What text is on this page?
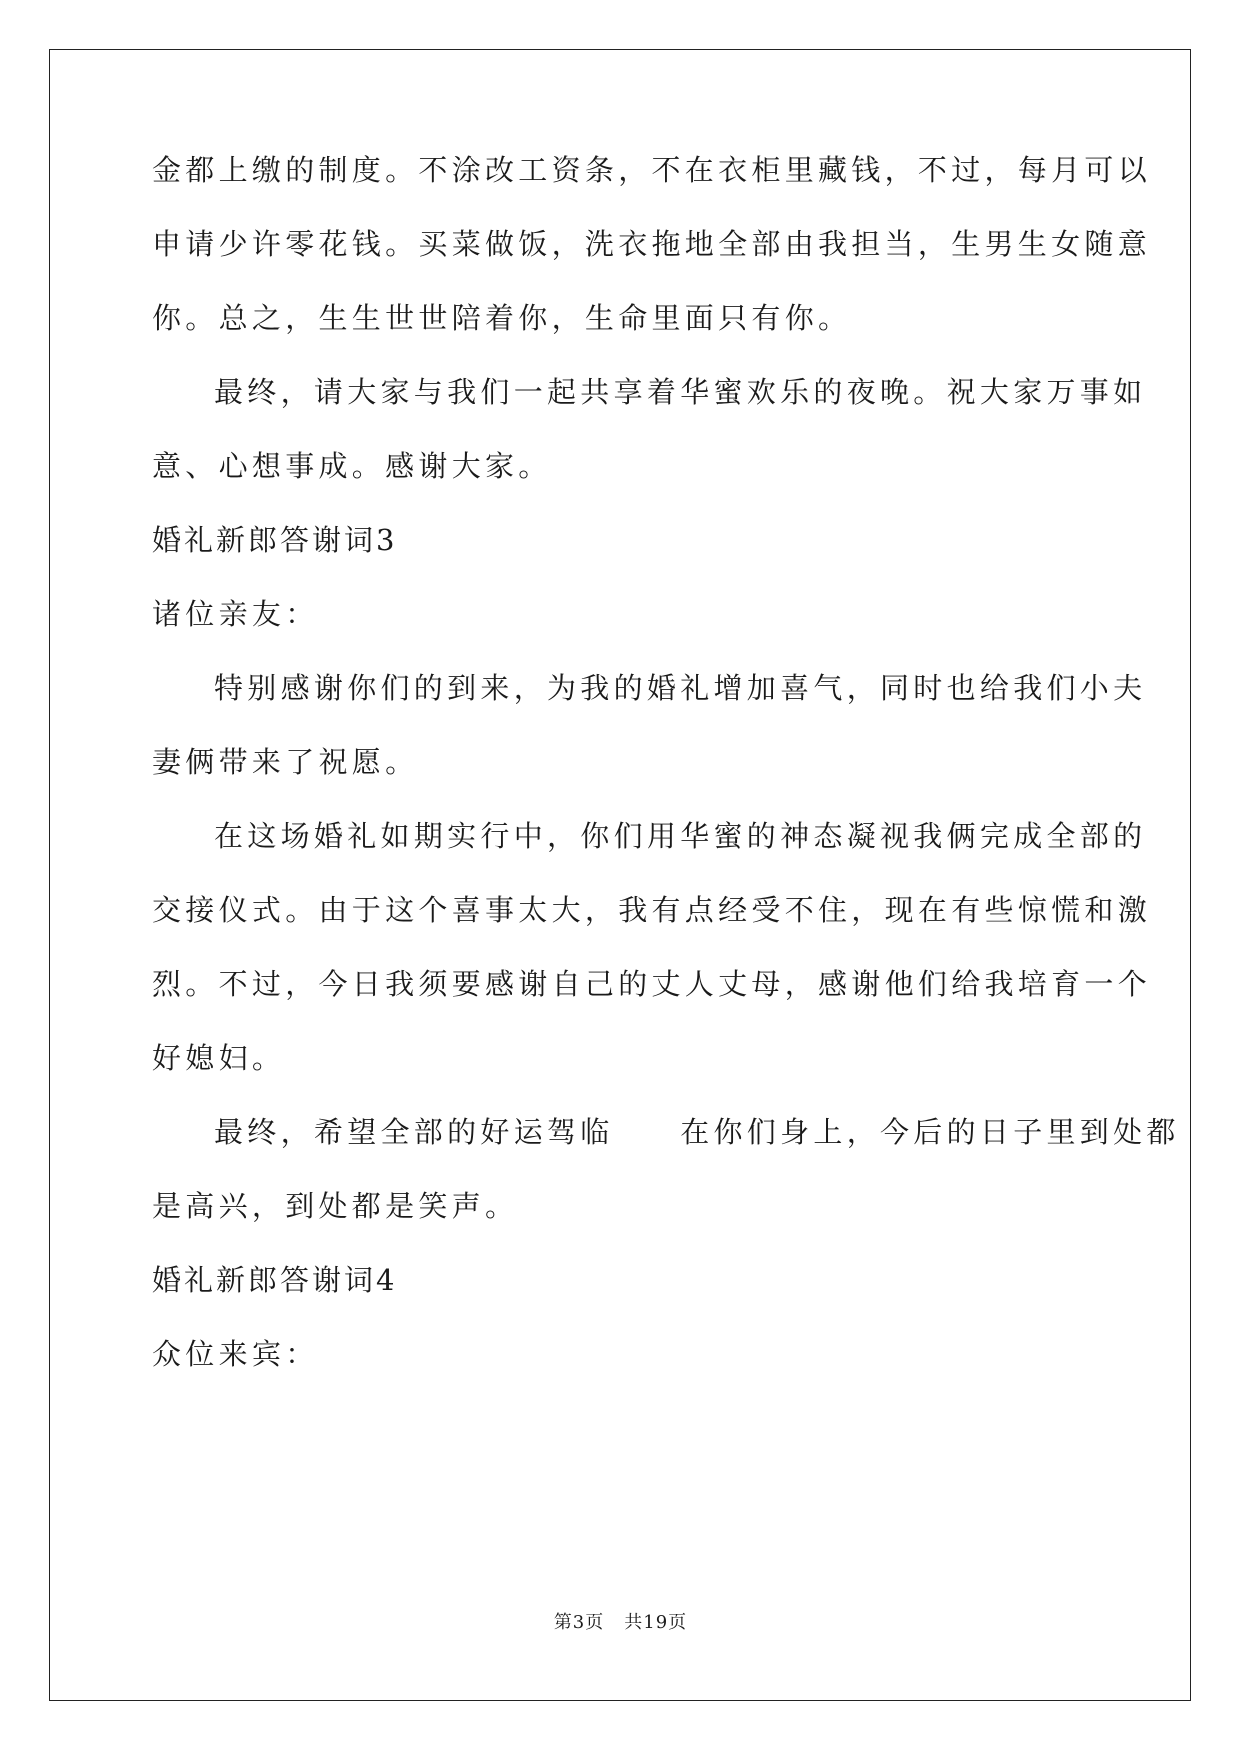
金都上缴的制度。不涂改工资条，不在衣柜里藏钱，不过，每月可以
申请少许零花钱。买菜做饭，洗衣拖地全部由我担当，生男生女随意
你。总之，生生世世陪着你，生命里面只有你。
最终，请大家与我们一起共享着华蜜欢乐的夜晚。祝大家万事如
意、心想事成。感谢大家。
婚礼新郎答谢词3
诸位亲友：
特别感谢你们的到来，为我的婚礼增加喜气，同时也给我们小夫
妻俩带来了祝愿。
在这场婚礼如期实行中，你们用华蜜的神态凝视我俩完成全部的
交接仪式。由于这个喜事太大，我有点经受不住，现在有些惊慌和激
烈。不过，今日我须要感谢自己的丈人丈母，感谢他们给我培育一个
好媳妇。
最终，希望全部的好运驾临　　在你们身上，今后的日子里到处都
是高兴，到处都是笑声。
婚礼新郎答谢词4
众位来宾：
第3页 共19页
